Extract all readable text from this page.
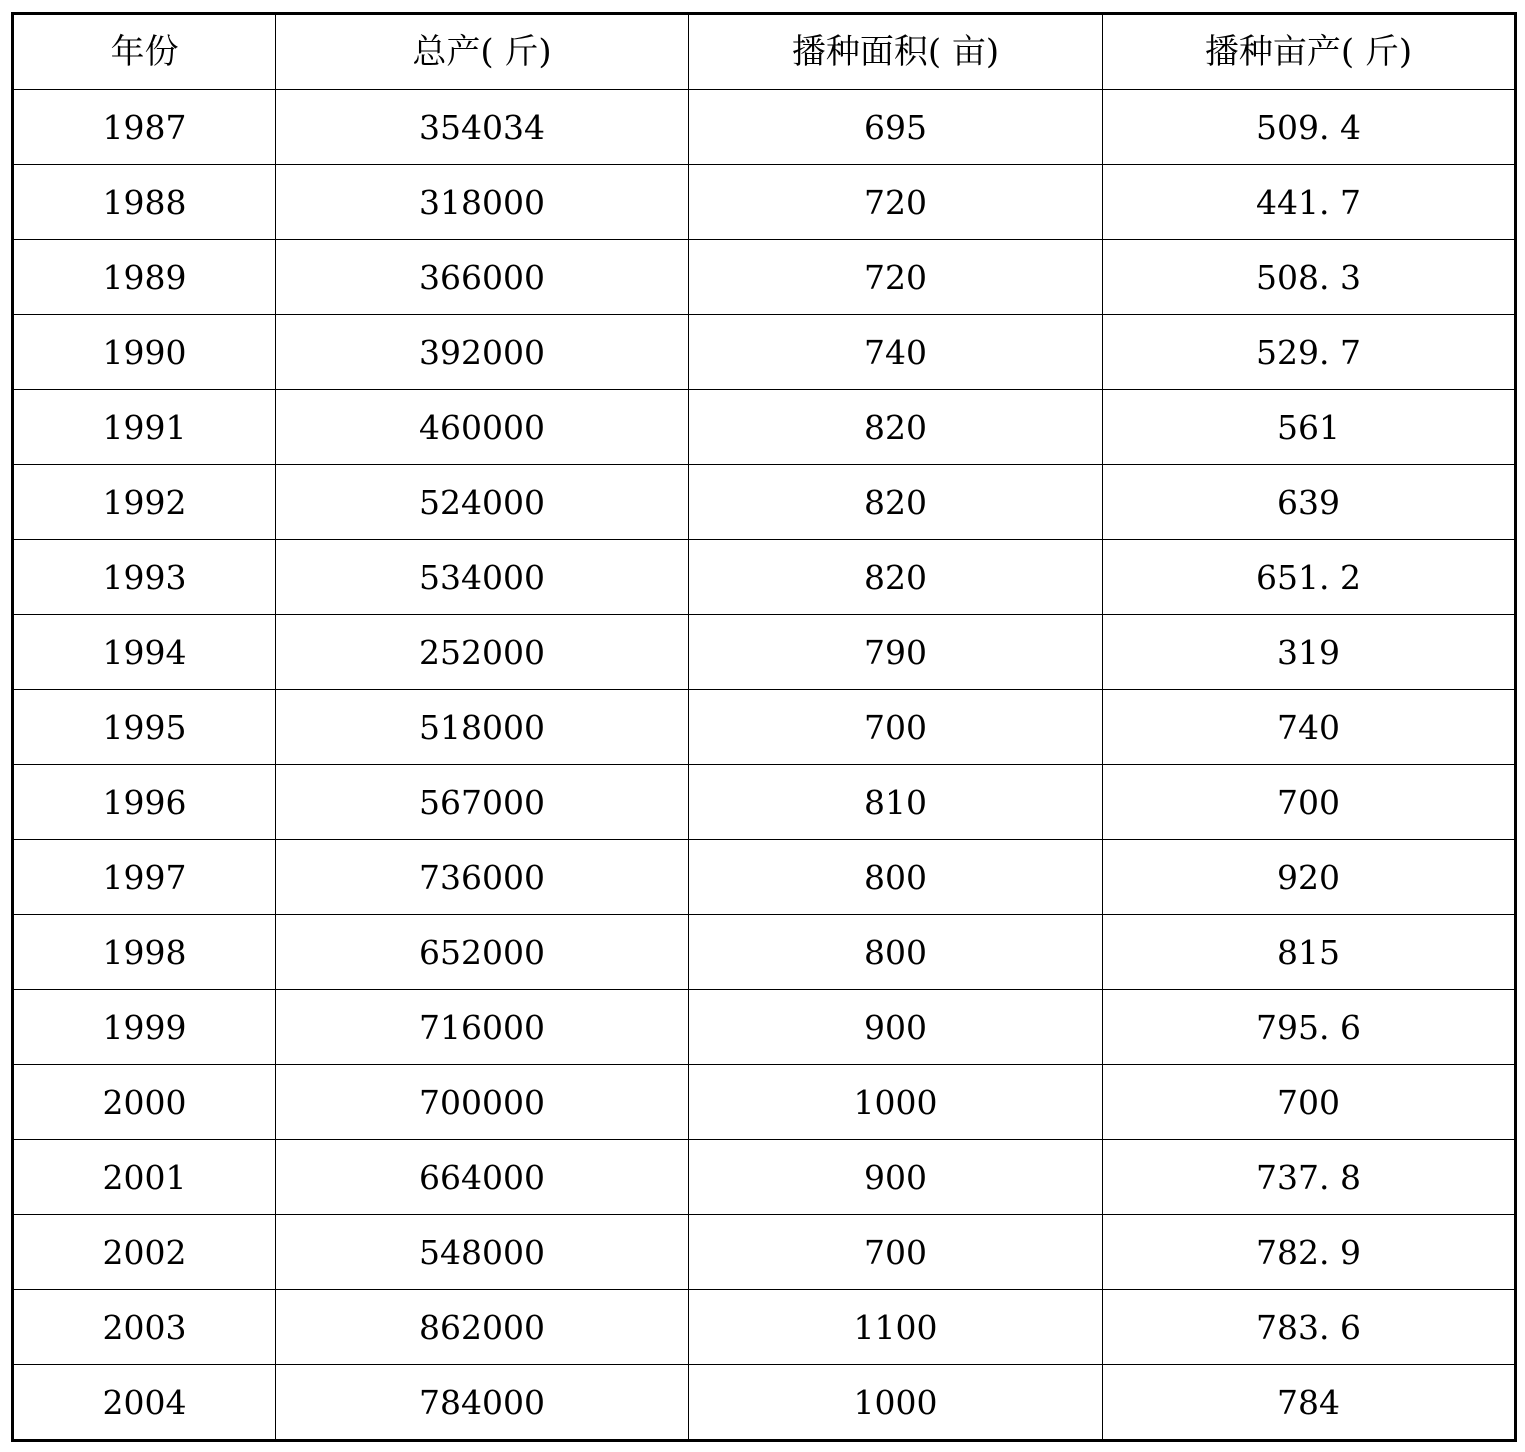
年份	总产( 斤)	播种面积( 亩)	播种亩产( 斤)
1987	354034	695	509. 4
1988	318000	720	441. 7
1989	366000	720	508. 3
1990	392000	740	529. 7
1991	460000	820	561
1992	524000	820	639
1993	534000	820	651. 2
1994	252000	790	319
1995	518000	700	740
1996	567000	810	700
1997	736000	800	920
1998	652000	800	815
1999	716000	900	795. 6
2000	700000	1000	700
2001	664000	900	737. 8
2002	548000	700	782. 9
2003	862000	1100	783. 6
2004	784000	1000	784
